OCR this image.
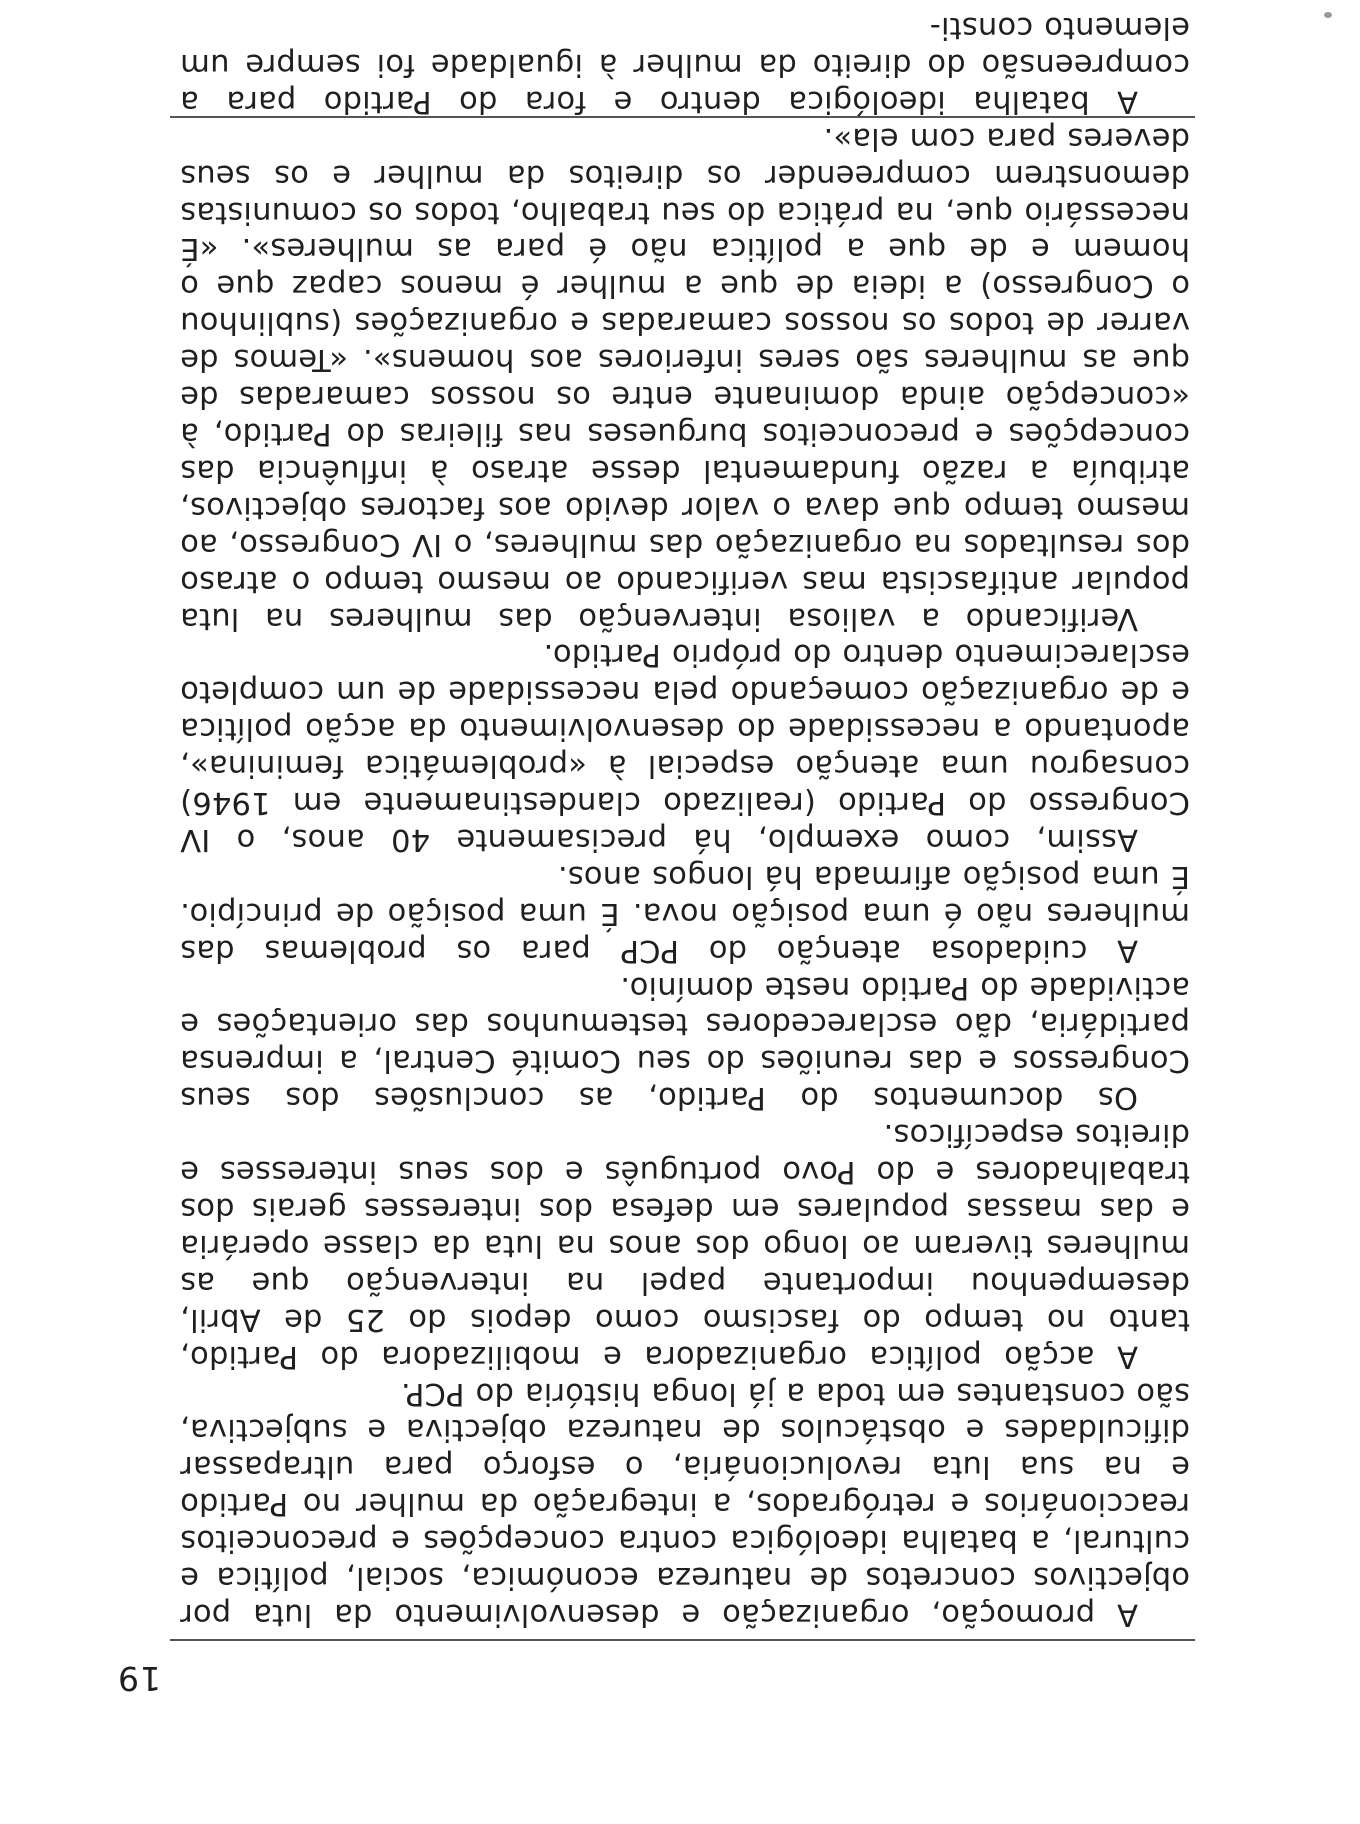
19

A promoção, organização e desenvolvimento da luta por objectivos concretos de natureza económica, social, política e cultural, a batalha ideológica contra concepções e preconceitos reaccionários e retrógrados, a integração da mulher no Partido e na sua luta revolucionária, o esforço para ultrapassar dificuldades e obstáculos de natureza objectiva e subjectiva, são constantes em toda a já longa história do PCP.

A acção política organizadora e mobilizadora do Partido, tanto no tempo do fascismo como depois do 25 de Abril, desempenhou importante papel na intervenção que as mulheres tiveram ao longo dos anos na luta da classe operária e das massas populares em defesa dos interesses gerais dos trabalhadores e do Povo português e dos seus interesses e direitos específicos.

Os documentos do Partido, as conclusões dos seus Congressos e das reuniões do seu Comité Central, a imprensa partidária, dão esclarecedores testemunhos das orientações e actividade do Partido neste domínio.

A cuidadosa atenção do PCP para os problemas das mulheres não é uma posição nova. É uma posição de princípio. É uma posição afirmada há longos anos.

Assim, como exemplo, há precisamente 40 anos, o IV Congresso do Partido (realizado clandestinamente em 1946) consagrou uma atenção especial à «problemática feminina», apontando a necessidade do desenvolvimento da acção política e de organização começando pela necessidade de um completo esclarecimento dentro do próprio Partido.

Verificando a valiosa intervenção das mulheres na luta popular antifascista mas verificando ao mesmo tempo o atraso dos resultados na organização das mulheres, o IV Congresso, ao mesmo tempo que dava o valor devido aos factores objectivos, atribuía a razão fundamental desse atraso à influência das concepções e preconceitos burgueses nas fileiras do Partido, à «concepção ainda dominante entre os nossos camaradas de que as mulheres são seres inferiores aos homens». «Temos de varrer de todos os nossos camaradas e organizações (sublinhou o Congresso) a ideia de que a mulher é menos capaz que o homem e de que a política não é para as mulheres». «É necessário que, na prática do seu trabalho, todos os comunistas demonstrem compreender os direitos da mulher e os seus deveres para com ela».

A batalha ideológica dentro e fora do Partido para a compreensão do direito da mulher à igualdade foi sempre um elemento consti-
